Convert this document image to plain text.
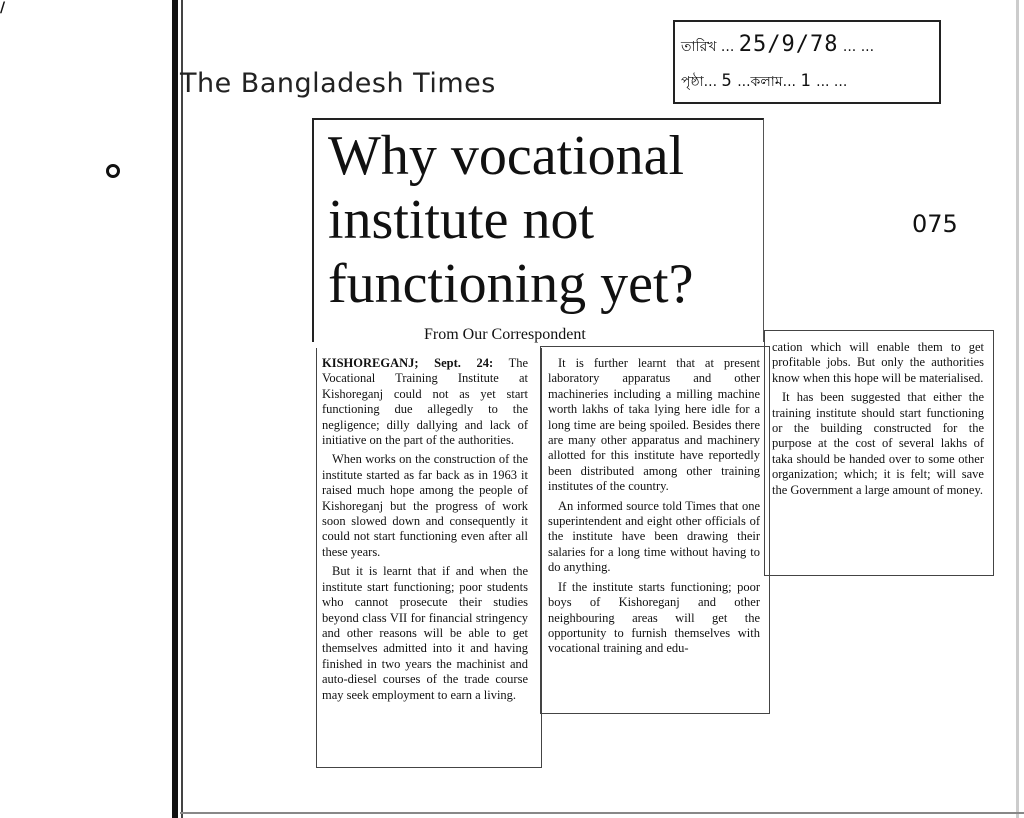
/
The Bangladesh Times
তারিখ ... 25/9/78 ... ...
পৃষ্ঠা... 5 ...কলাম... 1 ... ...
075
Why vocational
institute not
functioning yet?
From Our Correspondent

KISHOREGANJ; Sept. 24: The Vocational Training Institute at Kishoreganj could not as yet start functioning due allegedly to the negligence; dilly dallying and lack of initiative on the part of the authorities.

When works on the construction of the institute started as far back as in 1963 it raised much hope among the people of Kishoreganj but the progress of work soon slowed down and consequently it could not start functioning even after all these years.

But it is learnt that if and when the institute start functioning; poor students who cannot prosecute their studies beyond class VII for financial stringency and other reasons will be able to get themselves admitted into it and having finished in two years the machinist and auto-diesel courses of the trade course may seek employment to earn a living.

It is further learnt that at present laboratory apparatus and other machineries including a milling machine worth lakhs of taka lying here idle for a long time are being spoiled. Besides there are many other apparatus and machinery allotted for this institute have reportedly been distributed among other training institutes of the country.

An informed source told Times that one superintendent and eight other officials of the institute have been drawing their salaries for a long time without having to do anything.

If the institute starts functioning; poor boys of Kishoreganj and other neighbouring areas will get the opportunity to furnish themselves with vocational training and edu-

cation which will enable them to get profitable jobs. But only the authorities know when this hope will be materialised.

It has been suggested that either the training institute should start functioning or the building constructed for the purpose at the cost of several lakhs of taka should be handed over to some other organization; which; it is felt; will save the Government a large amount of money.
